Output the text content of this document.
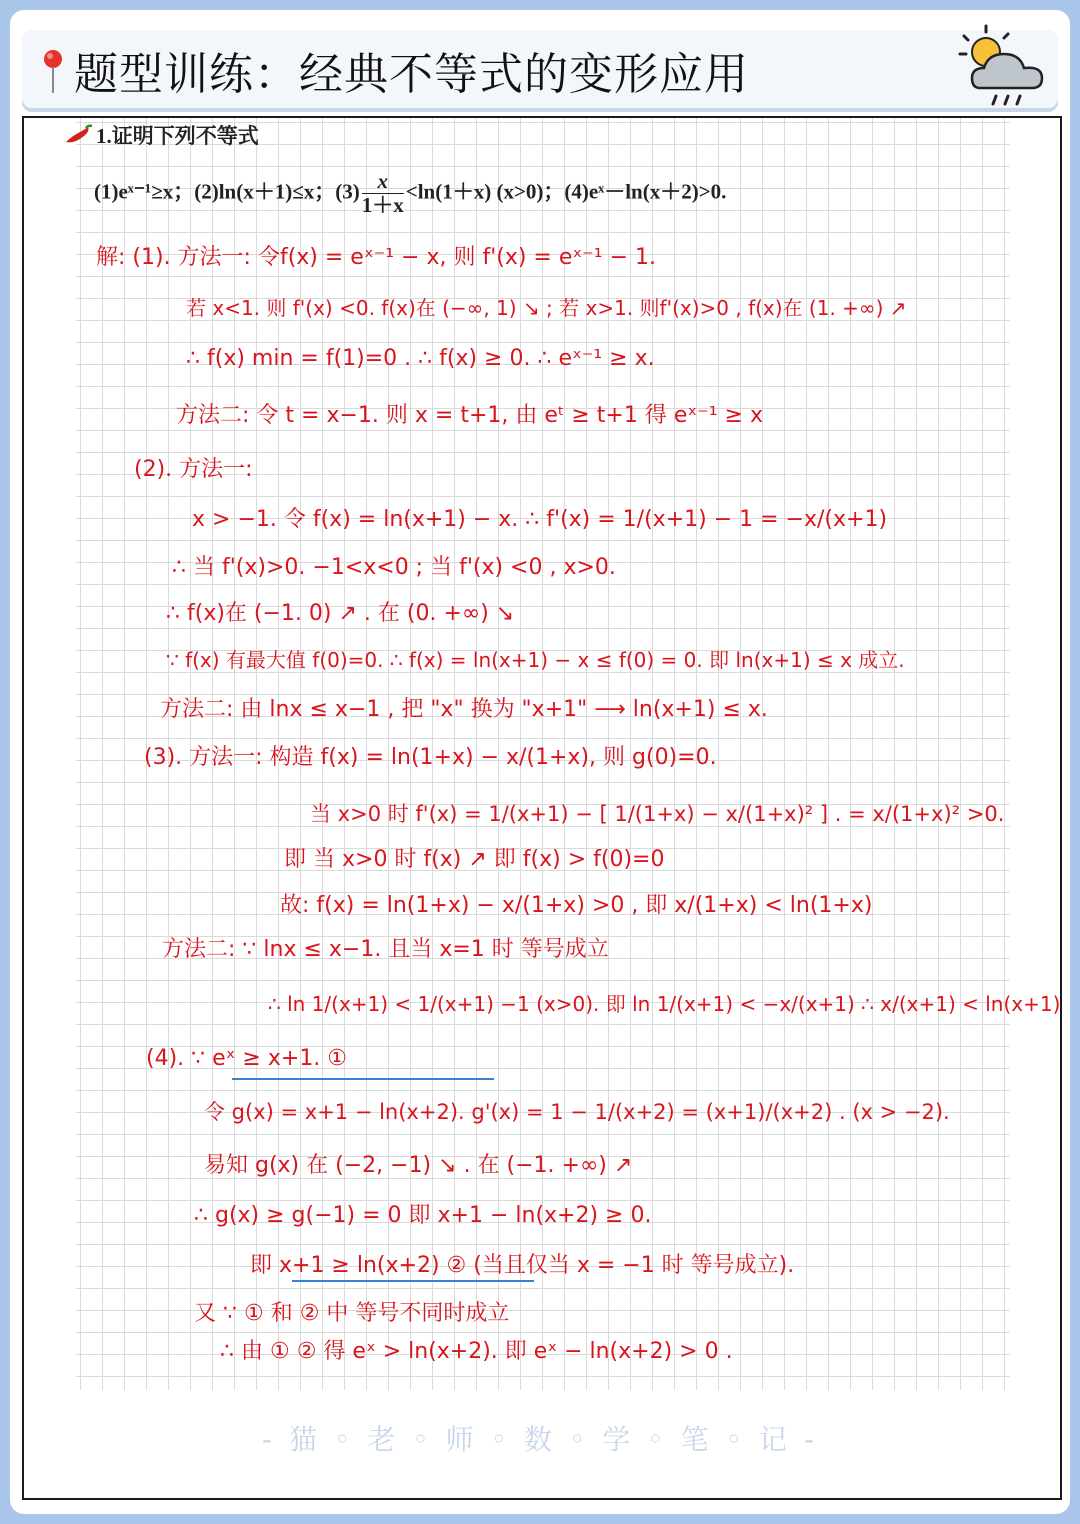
题型训练：经典不等式的变形应用
1.证明下列不等式
(1)eˣ⁻¹≥x；(2)ln(x＋1)≤x；$(3) \frac{x}{1+x} <\ln(1+x)$ (x>0)；(4)eˣ－ln(x＋2)>0.
解: (1). 方法一: 令f(x) = eˣ⁻¹ − x, 则 f'(x) = eˣ⁻¹ − 1.
若 x<1. 则 f'(x) <0. f(x)在 (−∞, 1) ↘ ; 若 x>1. 则f'(x)>0 , f(x)在 (1. +∞) ↗
∴ f(x) min = f(1)=0 . ∴ f(x) ≥ 0. ∴ eˣ⁻¹ ≥ x.
方法二: 令 t = x−1. 则 x = t+1, 由 eᵗ ≥ t+1 得 eˣ⁻¹ ≥ x
(2). 方法一:
x > −1. 令 f(x) = ln(x+1) − x. ∴ f'(x) = 1/(x+1) − 1 = −x/(x+1)
∴ 当 f'(x)>0. −1<x<0 ; 当 f'(x) <0 , x>0.
∴ f(x)在 (−1. 0) ↗ . 在 (0. +∞) ↘
∵ f(x) 有最大值 f(0)=0. ∴ f(x) = ln(x+1) − x ≤ f(0) = 0. 即 ln(x+1) ≤ x 成立.
方法二: 由 lnx ≤ x−1 , 把 "x" 换为 "x+1" ⟶ ln(x+1) ≤ x.
(3). 方法一: 构造 f(x) = ln(1+x) − x/(1+x), 则 g(0)=0.
当 x>0 时 f'(x) = 1/(x+1) − [ 1/(1+x) − x/(1+x)² ] . = x/(1+x)² >0.
即 当 x>0 时 f(x) ↗ 即 f(x) > f(0)=0
故: f(x) = ln(1+x) − x/(1+x) >0 , 即 x/(1+x) < ln(1+x)
方法二: ∵ lnx ≤ x−1. 且当 x=1 时 等号成立
∴ ln 1/(x+1) < 1/(x+1) −1 (x>0). 即 ln 1/(x+1) < −x/(x+1) ∴ x/(x+1) < ln(x+1)
(4). ∵ eˣ ≥ x+1. ①
令 g(x) = x+1 − ln(x+2). g'(x) = 1 − 1/(x+2) = (x+1)/(x+2) . (x > −2).
易知 g(x) 在 (−2, −1) ↘ . 在 (−1. +∞) ↗
∴ g(x) ≥ g(−1) = 0 即 x+1 − ln(x+2) ≥ 0.
即 x+1 ≥ ln(x+2) ② (当且仅当 x = −1 时 等号成立).
又 ∵ ① 和 ② 中 等号不同时成立
∴ 由 ① ② 得 eˣ > ln(x+2). 即 eˣ − ln(x+2) > 0 .
- 猫 ◦ 老 ◦ 师 ◦ 数 ◦ 学 ◦ 笔 ◦ 记 -
